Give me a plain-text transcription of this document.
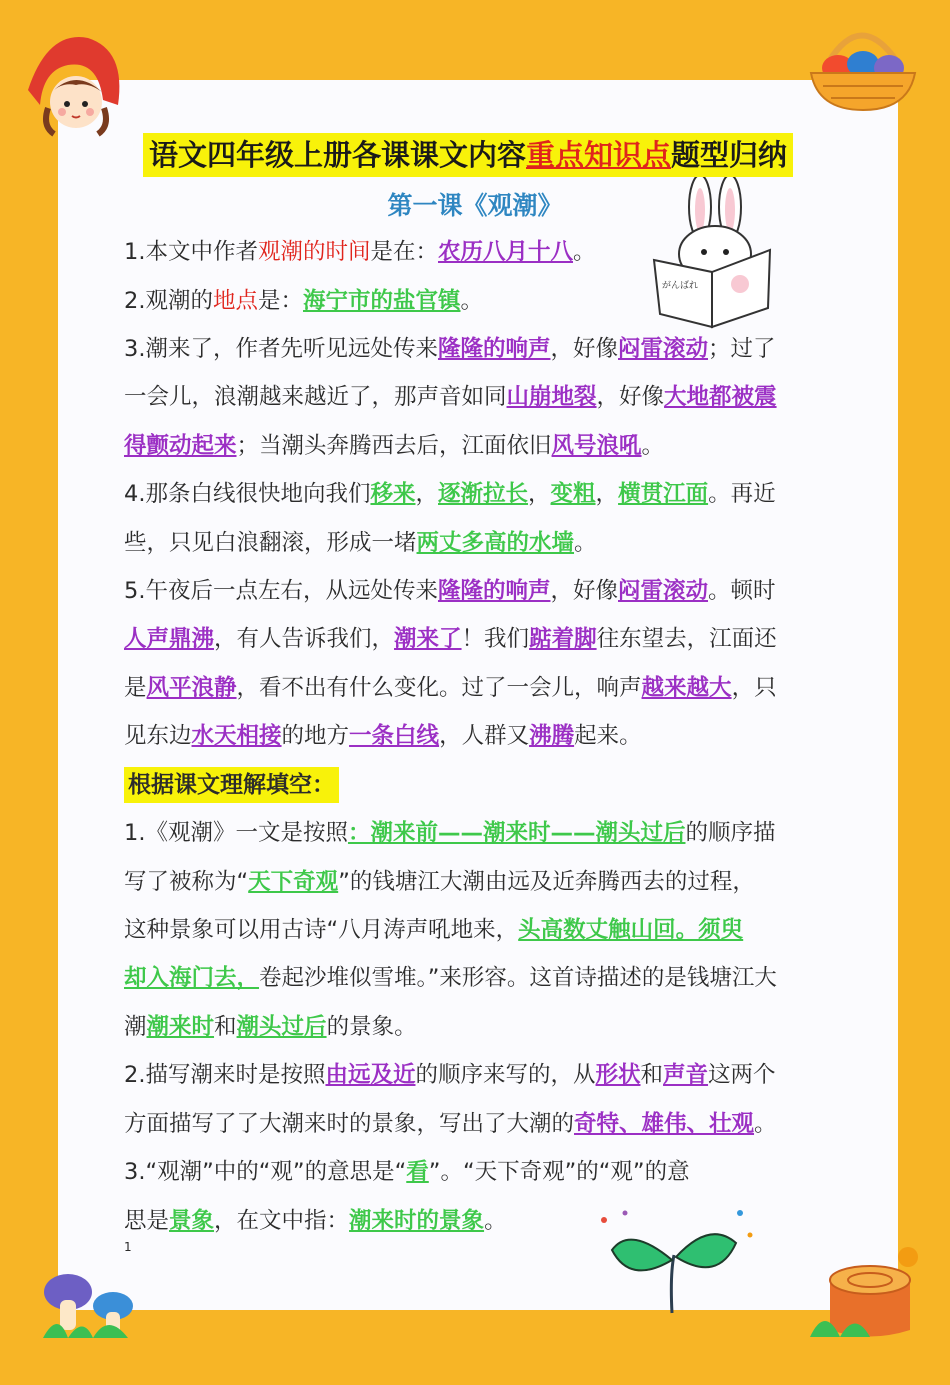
がんばれ
语文四年级上册各课课文内容重点知识点题型归纳
第一课《观潮》
1.本文中作者观潮的时间是在：农历八月十八。
2.观潮的地点是：海宁市的盐官镇。
3.潮来了，作者先听见远处传来隆隆的响声，好像闷雷滚动；过了
一会儿，浪潮越来越近了，那声音如同山崩地裂，好像大地都被震
得颤动起来；当潮头奔腾西去后，江面依旧风号浪吼。
4.那条白线很快地向我们移来，逐渐拉长，变粗，横贯江面。再近
些，只见白浪翻滚，形成一堵两丈多高的水墙。
5.午夜后一点左右，从远处传来隆隆的响声，好像闷雷滚动。顿时
人声鼎沸，有人告诉我们，潮来了！我们踮着脚往东望去，江面还
是风平浪静，看不出有什么变化。过了一会儿，响声越来越大，只
见东边水天相接的地方一条白线，人群又沸腾起来。
根据课文理解填空：
1.《观潮》一文是按照：潮来前——潮来时——潮头过后的顺序描
写了被称为“天下奇观”的钱塘江大潮由远及近奔腾西去的过程，
这种景象可以用古诗“八月涛声吼地来，头高数丈触山回。须臾
却入海门去，卷起沙堆似雪堆。”来形容。这首诗描述的是钱塘江大
潮潮来时和潮头过后的景象。
2.描写潮来时是按照由远及近的顺序来写的，从形状和声音这两个
方面描写了了大潮来时的景象，写出了大潮的奇特、雄伟、壮观。
3.“观潮”中的“观”的意思是“看”。“天下奇观”的“观”的意
思是景象，在文中指：潮来时的景象。
1
